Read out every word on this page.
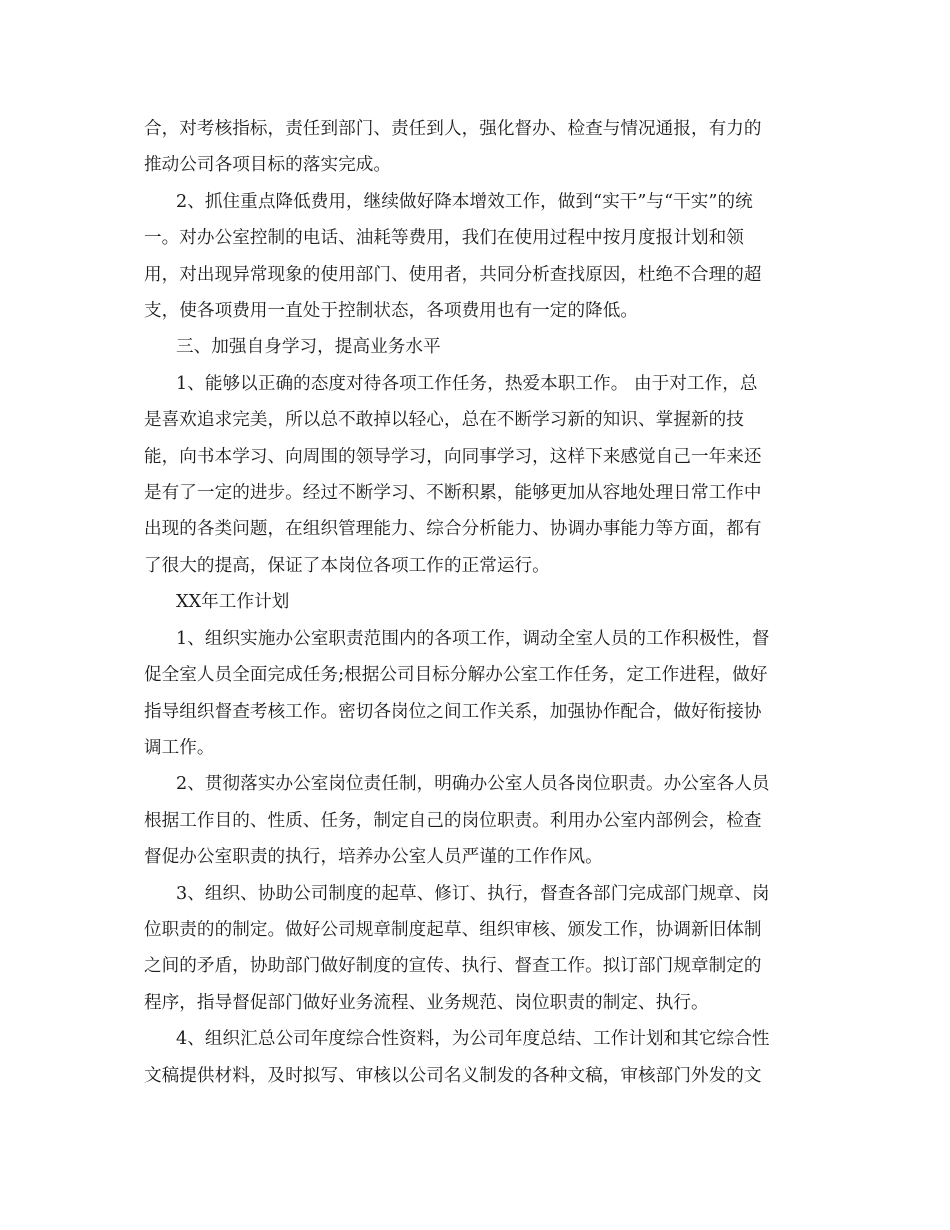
合，对考核指标，责任到部门、责任到人，强化督办、检查与情况通报，有力的
推动公司各项目标的落实完成。
2、抓住重点降低费用，继续做好降本增效工作，做到“实干”与“干实”的统
一。对办公室控制的电话、油耗等费用，我们在使用过程中按月度报计划和领
用，对出现异常现象的使用部门、使用者，共同分析查找原因，杜绝不合理的超
支，使各项费用一直处于控制状态，各项费用也有一定的降低。
三、加强自身学习，提高业务水平
1、能够以正确的态度对待各项工作任务，热爱本职工作。 由于对工作，总
是喜欢追求完美，所以总不敢掉以轻心，总在不断学习新的知识、掌握新的技
能，向书本学习、向周围的领导学习，向同事学习，这样下来感觉自己一年来还
是有了一定的进步。经过不断学习、不断积累，能够更加从容地处理日常工作中
出现的各类问题，在组织管理能力、综合分析能力、协调办事能力等方面，都有
了很大的提高，保证了本岗位各项工作的正常运行。
XX年工作计划
1、组织实施办公室职责范围内的各项工作，调动全室人员的工作积极性，督
促全室人员全面完成任务;根据公司目标分解办公室工作任务，定工作进程，做好
指导组织督查考核工作。密切各岗位之间工作关系，加强协作配合，做好衔接协
调工作。
2、贯彻落实办公室岗位责任制，明确办公室人员各岗位职责。办公室各人员
根据工作目的、性质、任务，制定自己的岗位职责。利用办公室内部例会，检查
督促办公室职责的执行，培养办公室人员严谨的工作作风。
3、组织、协助公司制度的起草、修订、执行，督查各部门完成部门规章、岗
位职责的的制定。做好公司规章制度起草、组织审核、颁发工作，协调新旧体制
之间的矛盾，协助部门做好制度的宣传、执行、督查工作。拟订部门规章制定的
程序，指导督促部门做好业务流程、业务规范、岗位职责的制定、执行。
4、组织汇总公司年度综合性资料，为公司年度总结、工作计划和其它综合性
文稿提供材料，及时拟写、审核以公司名义制发的各种文稿，审核部门外发的文
